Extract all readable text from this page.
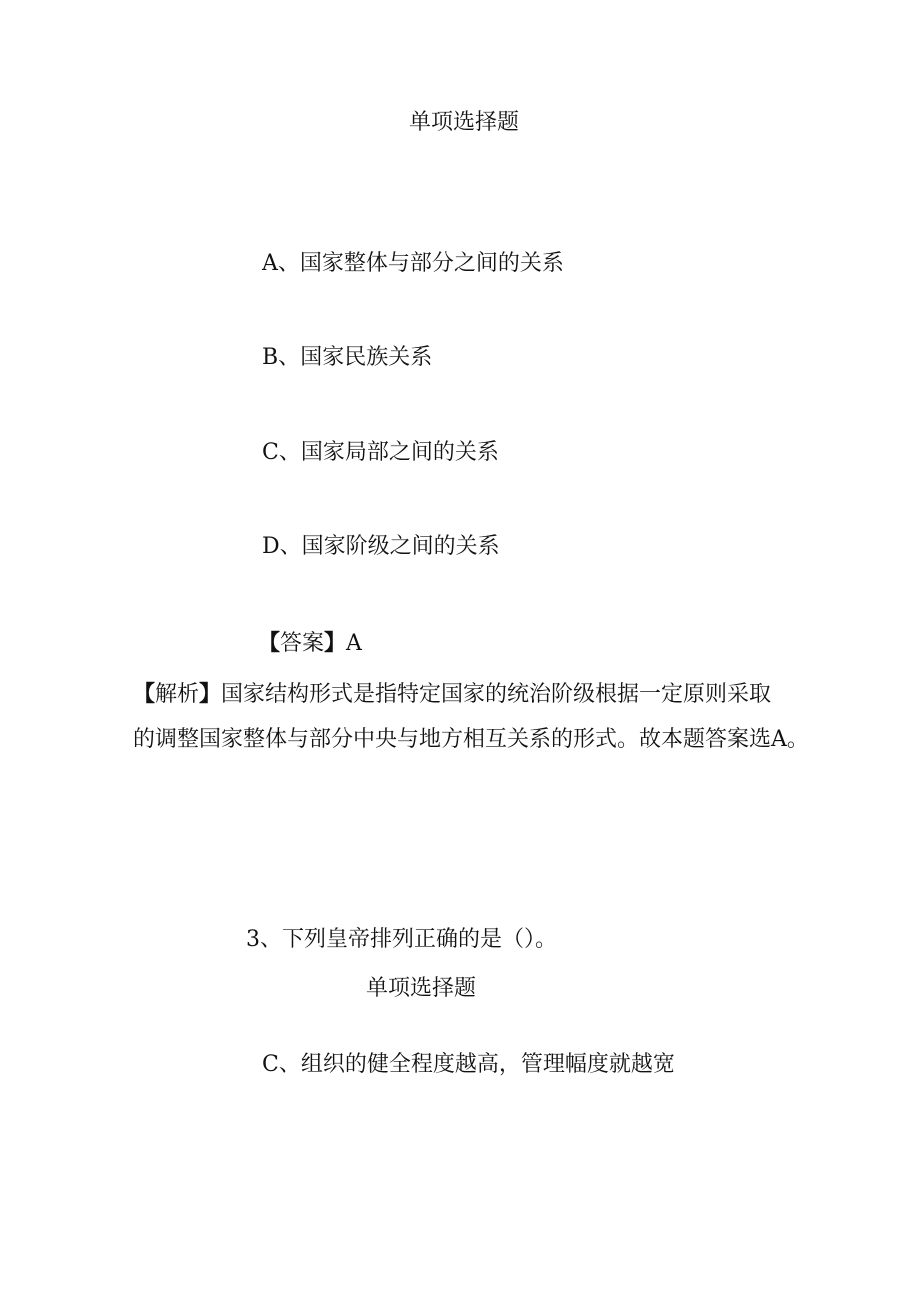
单项选择题
A、国家整体与部分之间的关系
B、国家民族关系
C、国家局部之间的关系
D、国家阶级之间的关系
【答案】A
【解析】国家结构形式是指特定国家的统治阶级根据一定原则采取
的调整国家整体与部分中央与地方相互关系的形式。故本题答案选A。
3、下列皇帝排列正确的是（）。
单项选择题
C、组织的健全程度越高，管理幅度就越宽
